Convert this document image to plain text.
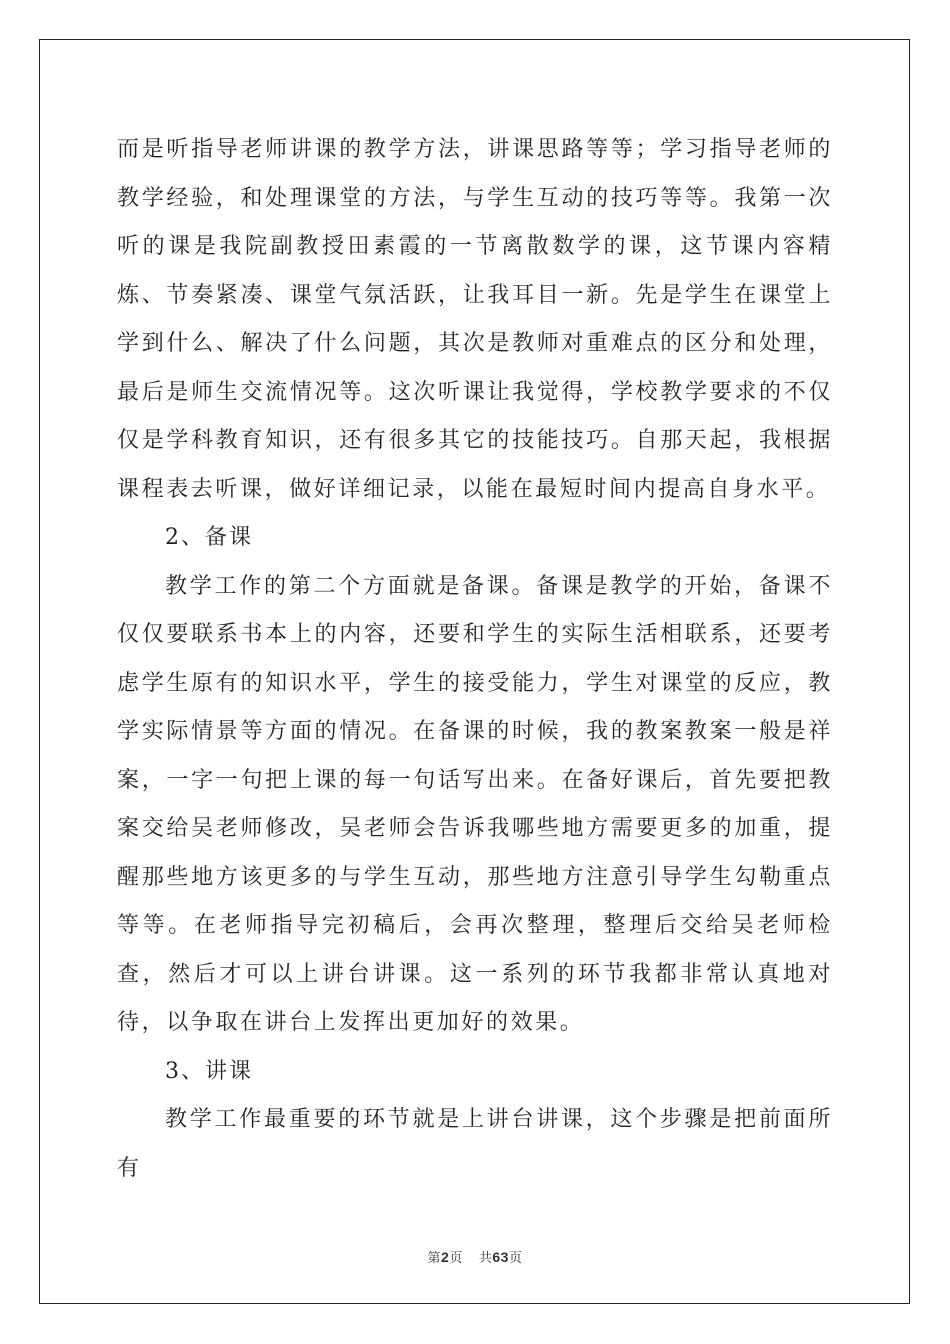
而是听指导老师讲课的教学方法，讲课思路等等；学习指导老师的教学经验，和处理课堂的方法，与学生互动的技巧等等。我第一次听的课是我院副教授田素霞的一节离散数学的课，这节课内容精炼、节奏紧凑、课堂气氛活跃，让我耳目一新。先是学生在课堂上学到什么、解决了什么问题，其次是教师对重难点的区分和处理，最后是师生交流情况等。这次听课让我觉得，学校教学要求的不仅仅是学科教育知识，还有很多其它的技能技巧。自那天起，我根据课程表去听课，做好详细记录，以能在最短时间内提高自身水平。

2、备课

教学工作的第二个方面就是备课。备课是教学的开始，备课不仅仅要联系书本上的内容，还要和学生的实际生活相联系，还要考虑学生原有的知识水平，学生的接受能力，学生对课堂的反应，教学实际情景等方面的情况。在备课的时候，我的教案教案一般是祥案，一字一句把上课的每一句话写出来。在备好课后，首先要把教案交给吴老师修改，吴老师会告诉我哪些地方需要更多的加重，提醒那些地方该更多的与学生互动，那些地方注意引导学生勾勒重点等等。在老师指导完初稿后，会再次整理，整理后交给吴老师检查，然后才可以上讲台讲课。这一系列的环节我都非常认真地对待，以争取在讲台上发挥出更加好的效果。

3、讲课

教学工作最重要的环节就是上讲台讲课，这个步骤是把前面所有

第2页 共63页
